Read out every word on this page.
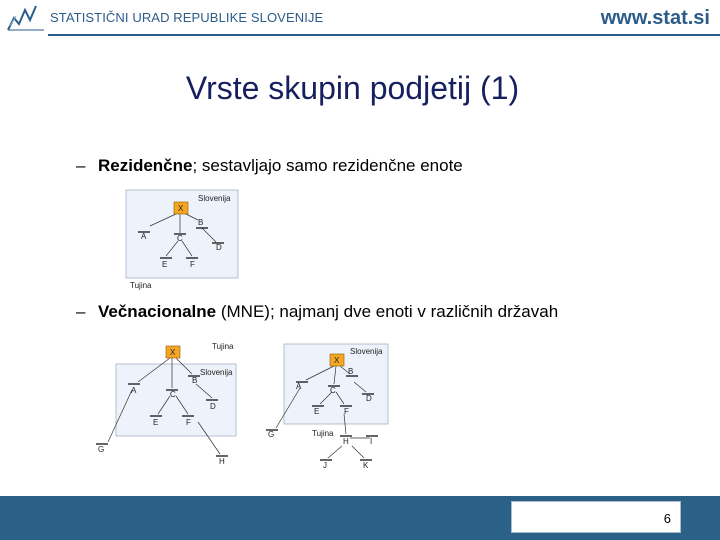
STATISTIČNI URAD REPUBLIKE SLOVENIJE	www.stat.si
Vrste skupin podjetij (1)
– Rezidenčne; sestavljajo samo rezidenčne enote
Slovenija
Tujina
X
A
B
C
D
E	F
– Večnacionalne (MNE); najmanj dve enoti v različnih državah
Tujina
Slovenija
X
A
B
C
D
E	F
G
H
Slovenija
Tujina
X
A
B
C
D
E	F
G
H	I
J	K
6
